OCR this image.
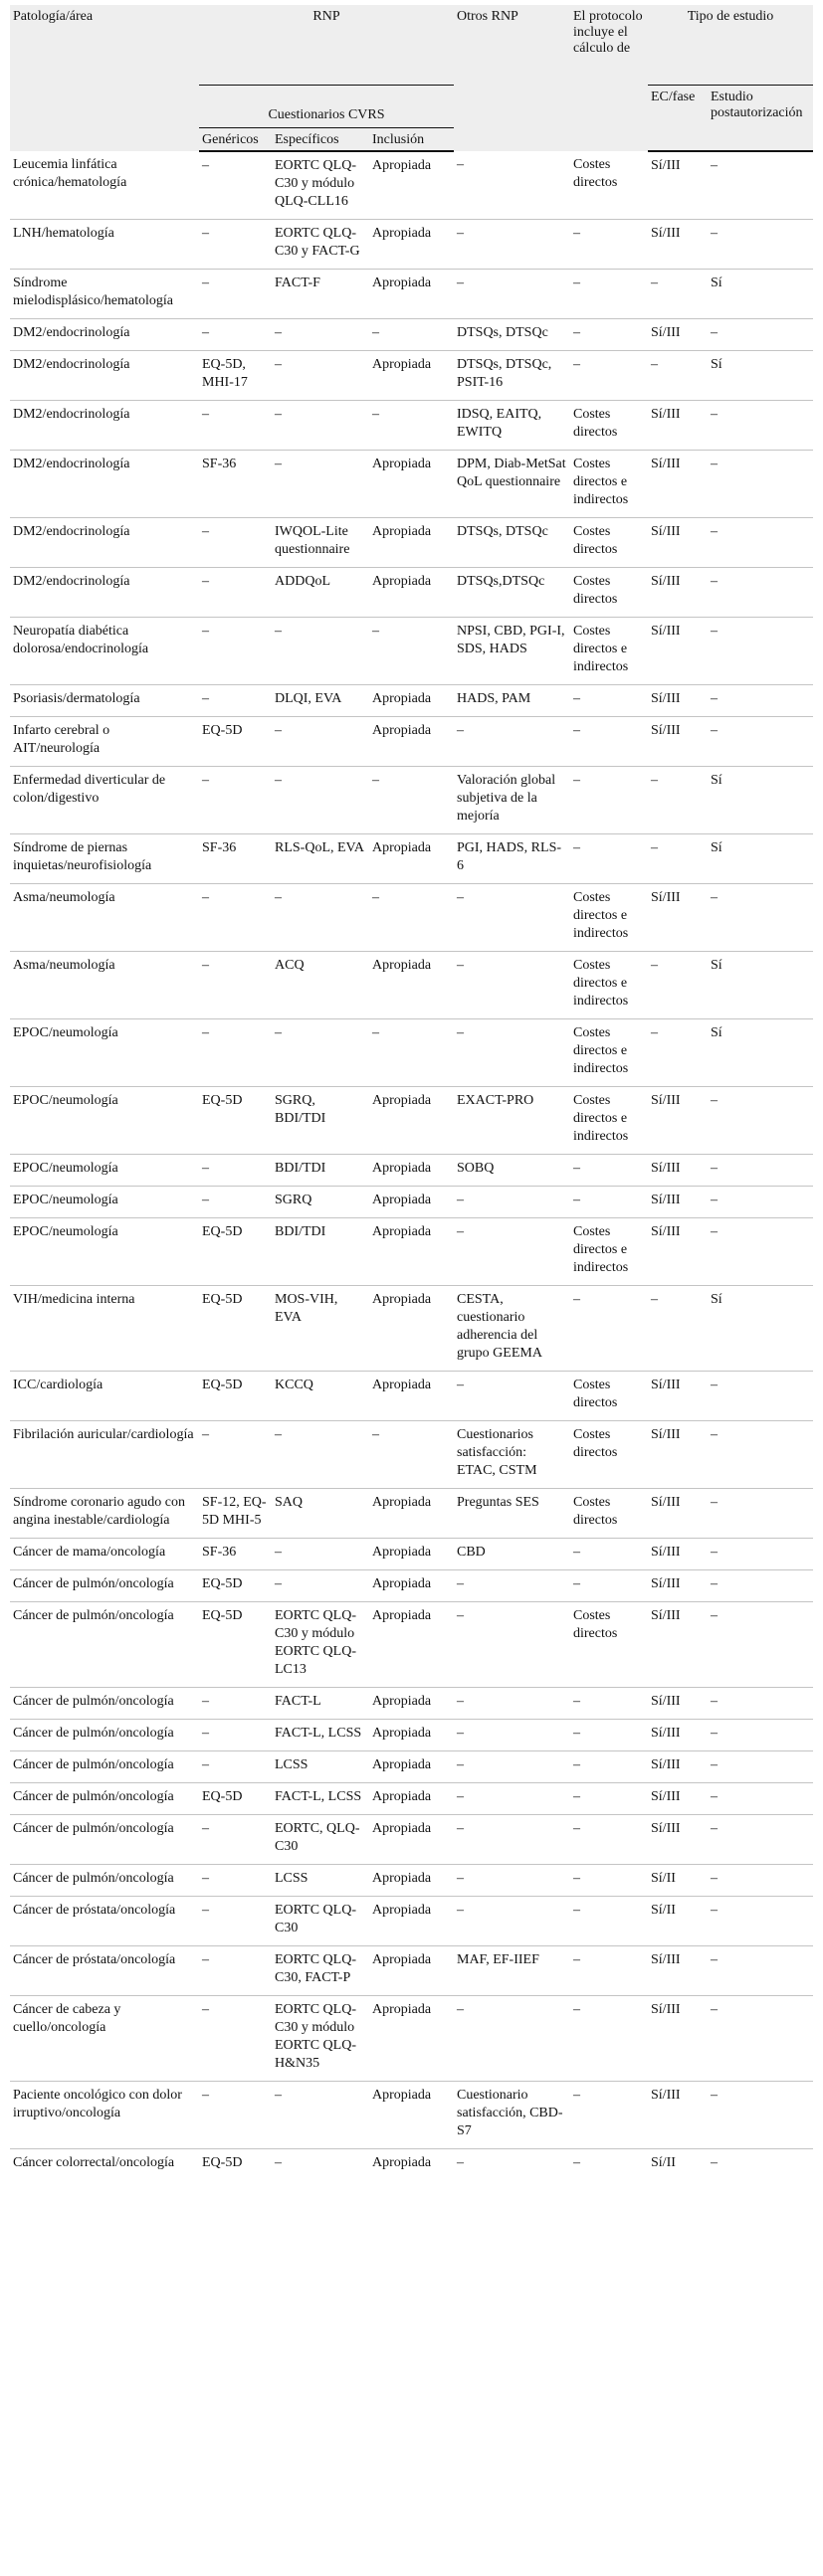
Patología/área	RNP			Otros RNP	El protocolo incluye el cálculo de	Tipo de estudio	
	Cuestionarios CVRS					EC/fase	Estudio postautorización
	Genéricos	Específicos	Inclusión				
Leucemia linfática crónica/hematología	–	EORTC QLQ-C30 y módulo QLQ-CLL16	Apropiada	–	Costes directos	Sí/III	–
LNH/hematología	–	EORTC QLQ-C30 y FACT-G	Apropiada	–	–	Sí/III	–
Síndrome mielodisplásico/hematología	–	FACT-F	Apropiada	–	–	–	Sí
DM2/endocrinología	–	–	–	DTSQs, DTSQc	–	Sí/III	–
DM2/endocrinología	EQ-5D, MHI-17	–	Apropiada	DTSQs, DTSQc, PSIT-16	–	–	Sí
DM2/endocrinología	–	–	–	IDSQ, EAITQ, EWITQ	Costes directos	Sí/III	–
DM2/endocrinología	SF-36	–	Apropiada	DPM, Diab-MetSat QoL questionnaire	Costes directos e indirectos	Sí/III	–
DM2/endocrinología	–	IWQOL-Lite questionnaire	Apropiada	DTSQs, DTSQc	Costes directos	Sí/III	–
DM2/endocrinología	–	ADDQoL	Apropiada	DTSQs,DTSQc	Costes directos	Sí/III	–
Neuropatía diabética dolorosa/endocrinología	–	–	–	NPSI, CBD, PGI-I, SDS, HADS	Costes directos e indirectos	Sí/III	–
Psoriasis/dermatología	–	DLQI, EVA	Apropiada	HADS, PAM	–	Sí/III	–
Infarto cerebral o AIT/neurología	EQ-5D	–	Apropiada	–	–	Sí/III	–
Enfermedad diverticular de colon/digestivo	–	–	–	Valoración global subjetiva de la mejoría	–	–	Sí
Síndrome de piernas inquietas/neurofisiología	SF-36	RLS-QoL, EVA	Apropiada	PGI, HADS, RLS-6	–	–	Sí
Asma/neumología	–	–	–	–	Costes directos e indirectos	Sí/III	–
Asma/neumología	–	ACQ	Apropiada	–	Costes directos e indirectos	–	Sí
EPOC/neumología	–	–	–	–	Costes directos e indirectos	–	Sí
EPOC/neumología	EQ-5D	SGRQ, BDI/TDI	Apropiada	EXACT-PRO	Costes directos e indirectos	Sí/III	–
EPOC/neumología	–	BDI/TDI	Apropiada	SOBQ	–	Sí/III	–
EPOC/neumología	–	SGRQ	Apropiada	–	–	Sí/III	–
EPOC/neumología	EQ-5D	BDI/TDI	Apropiada	–	Costes directos e indirectos	Sí/III	–
VIH/medicina interna	EQ-5D	MOS-VIH, EVA	Apropiada	CESTA, cuestionario adherencia del grupo GEEMA	–	–	Sí
ICC/cardiología	EQ-5D	KCCQ	Apropiada	–	Costes directos	Sí/III	–
Fibrilación auricular/cardiología	–	–	–	Cuestionarios satisfacción: ETAC, CSTM	Costes directos	Sí/III	–
Síndrome coronario agudo con angina inestable/cardiología	SF-12, EQ-5D MHI-5	SAQ	Apropiada	Preguntas SES	Costes directos	Sí/III	–
Cáncer de mama/oncología	SF-36	–	Apropiada	CBD	–	Sí/III	–
Cáncer de pulmón/oncología	EQ-5D	–	Apropiada	–	–	Sí/III	–
Cáncer de pulmón/oncología	EQ-5D	EORTC QLQ-C30 y módulo EORTC QLQ-LC13	Apropiada	–	Costes directos	Sí/III	–
Cáncer de pulmón/oncología	–	FACT-L	Apropiada	–	–	Sí/III	–
Cáncer de pulmón/oncología	–	FACT-L, LCSS	Apropiada	–	–	Sí/III	–
Cáncer de pulmón/oncología	–	LCSS	Apropiada	–	–	Sí/III	–
Cáncer de pulmón/oncología	EQ-5D	FACT-L, LCSS	Apropiada	–	–	Sí/III	–
Cáncer de pulmón/oncología	–	EORTC, QLQ-C30	Apropiada	–	–	Sí/III	–
Cáncer de pulmón/oncología	–	LCSS	Apropiada	–	–	Sí/II	–
Cáncer de próstata/oncología	–	EORTC QLQ-C30	Apropiada	–	–	Sí/II	–
Cáncer de próstata/oncología	–	EORTC QLQ-C30, FACT-P	Apropiada	MAF, EF-IIEF	–	Sí/III	–
Cáncer de cabeza y cuello/oncología	–	EORTC QLQ-C30 y módulo EORTC QLQ-H&N35	Apropiada	–	–	Sí/III	–
Paciente oncológico con dolor irruptivo/oncología	–	–	Apropiada	Cuestionario satisfacción, CBD-S7	–	Sí/III	–
Cáncer colorrectal/oncología	EQ-5D	–	Apropiada	–	–	Sí/II	–
